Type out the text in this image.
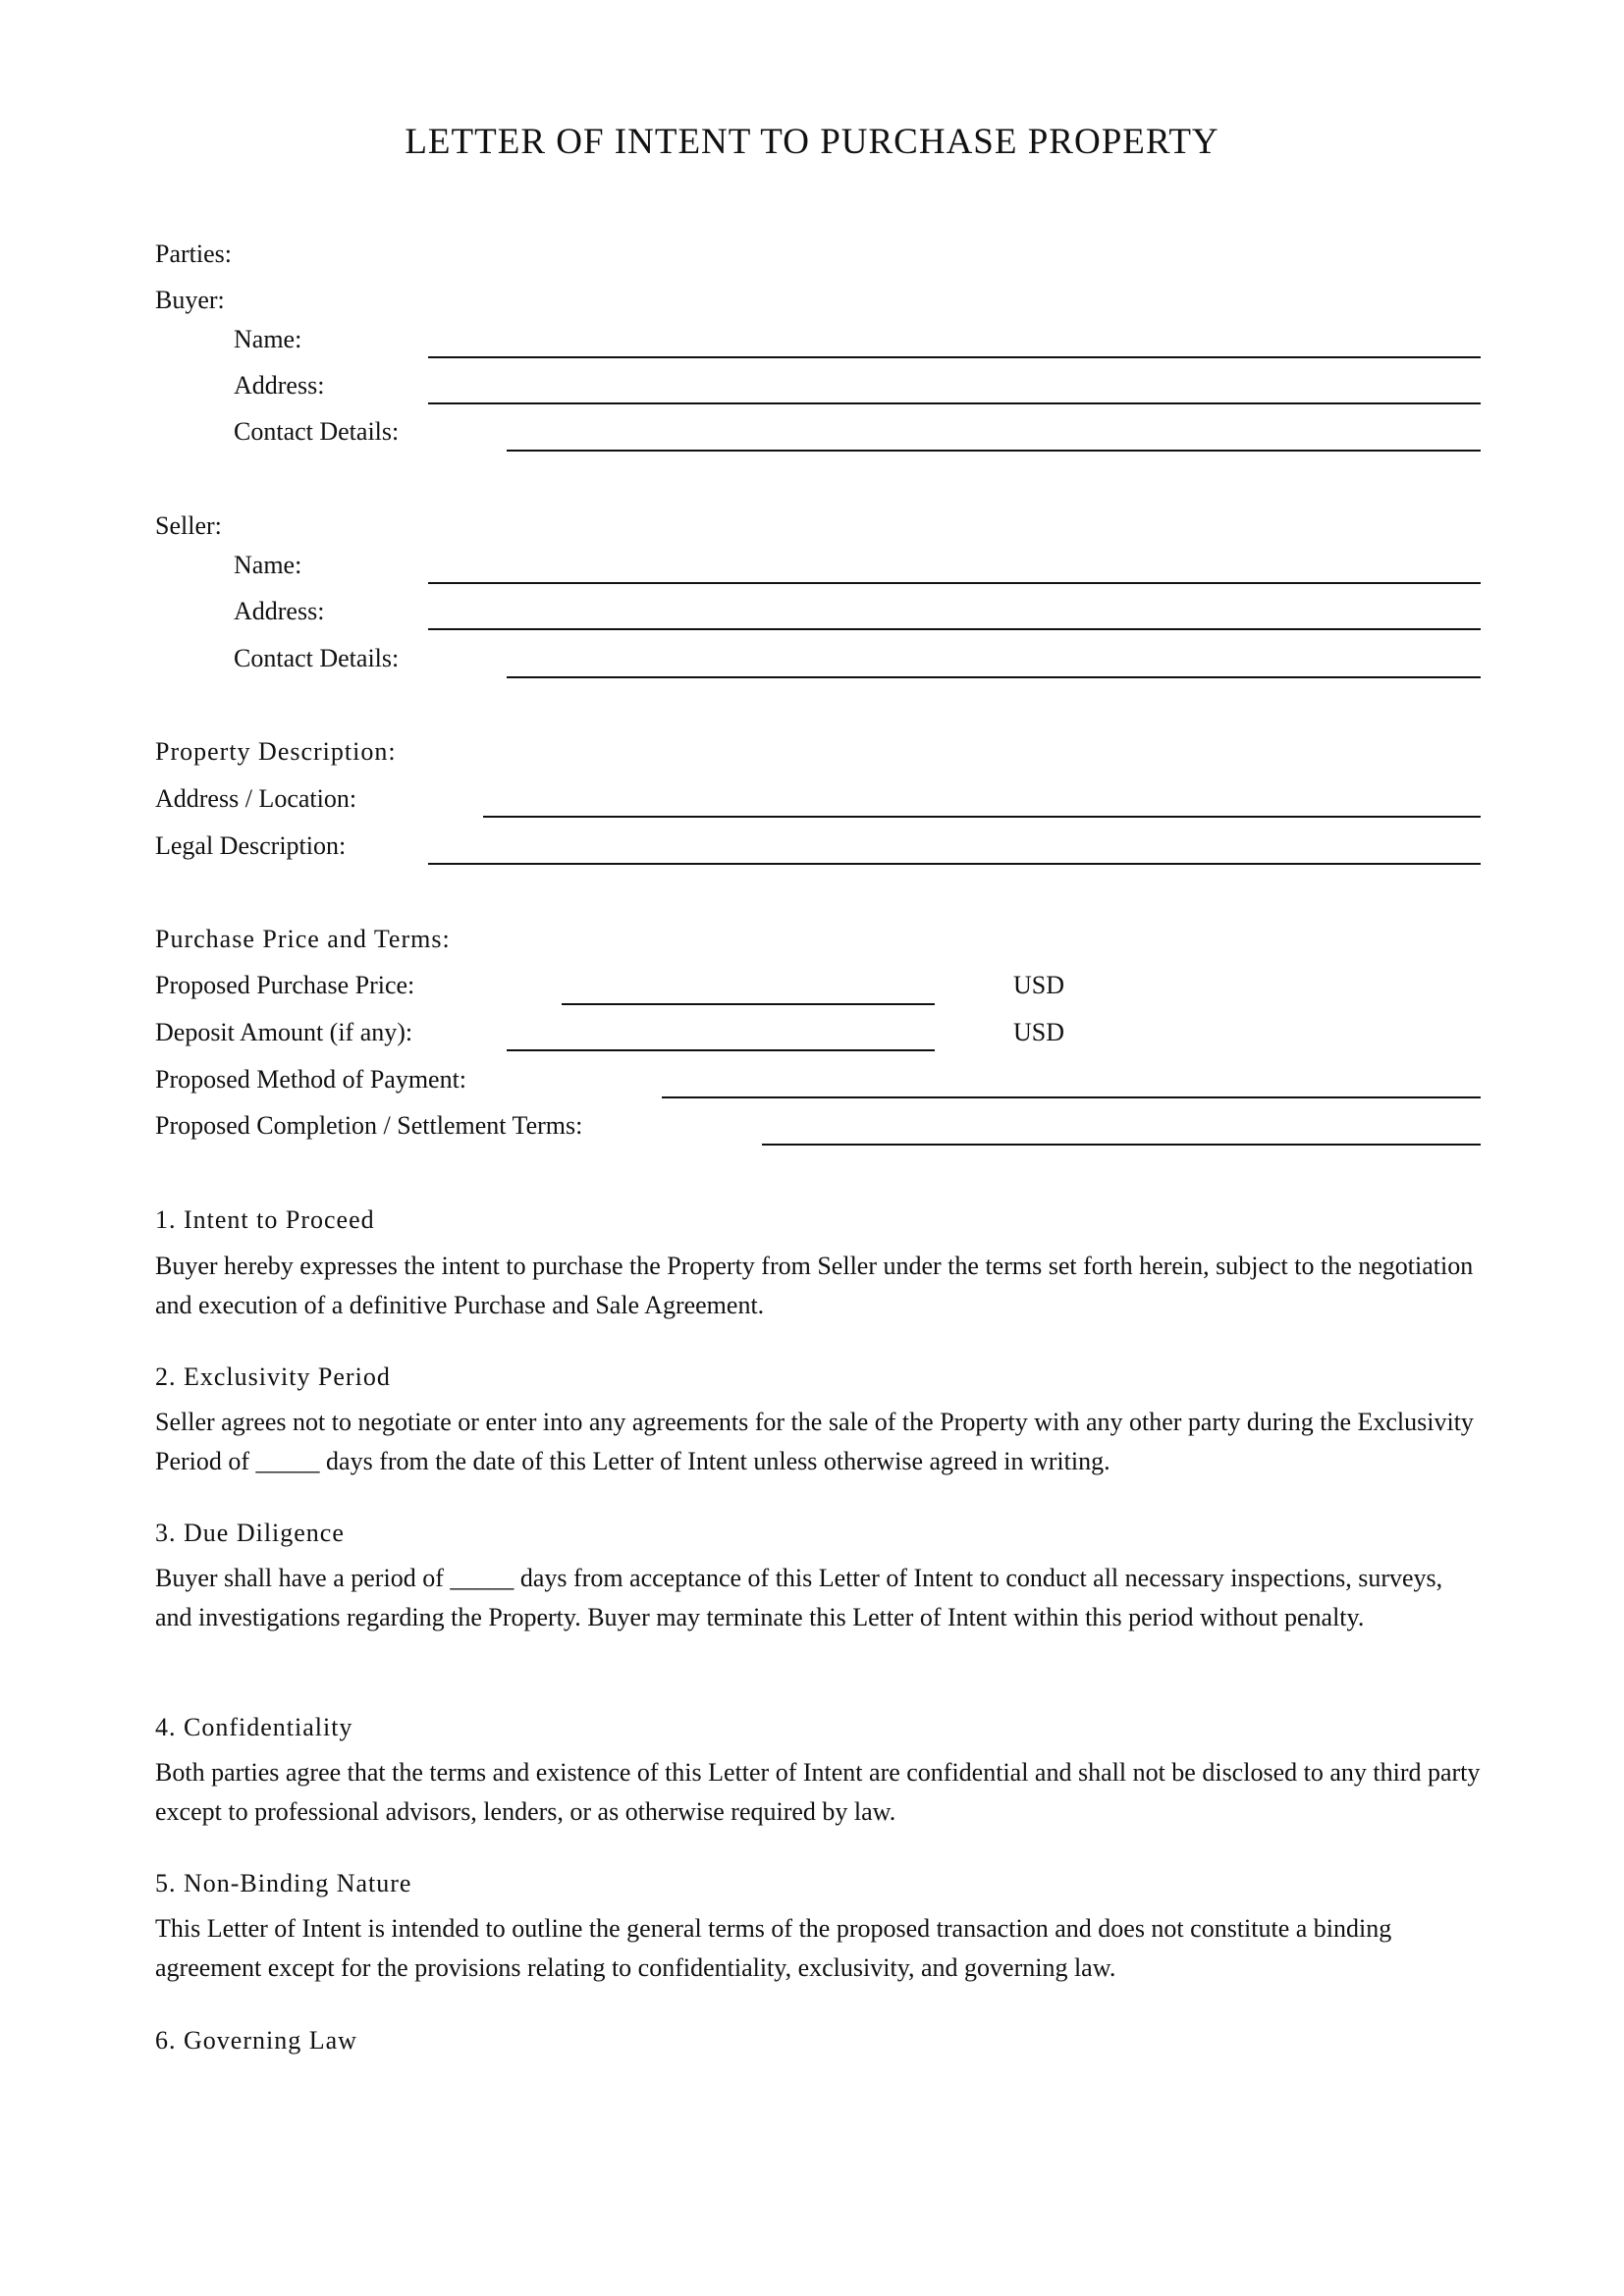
LETTER OF INTENT TO PURCHASE PROPERTY
Parties:
Buyer:
Name:
Address:
Contact Details:
Seller:
Name:
Address:
Contact Details:
Property Description:
Address / Location:
Legal Description:
Purchase Price and Terms:
Proposed Purchase Price:	USD
Deposit Amount (if any):	USD
Proposed Method of Payment:
Proposed Completion / Settlement Terms:
1. Intent to Proceed
Buyer hereby expresses the intent to purchase the Property from Seller under the terms set forth herein, subject to the negotiation and execution of a definitive Purchase and Sale Agreement.
2. Exclusivity Period
Seller agrees not to negotiate or enter into any agreements for the sale of the Property with any other party during the Exclusivity Period of _____ days from the date of this Letter of Intent unless otherwise agreed in writing.
3. Due Diligence
Buyer shall have a period of _____ days from acceptance of this Letter of Intent to conduct all necessary inspections, surveys, and investigations regarding the Property. Buyer may terminate this Letter of Intent within this period without penalty.
4. Confidentiality
Both parties agree that the terms and existence of this Letter of Intent are confidential and shall not be disclosed to any third party except to professional advisors, lenders, or as otherwise required by law.
5. Non-Binding Nature
This Letter of Intent is intended to outline the general terms of the proposed transaction and does not constitute a binding agreement except for the provisions relating to confidentiality, exclusivity, and governing law.
6. Governing Law
